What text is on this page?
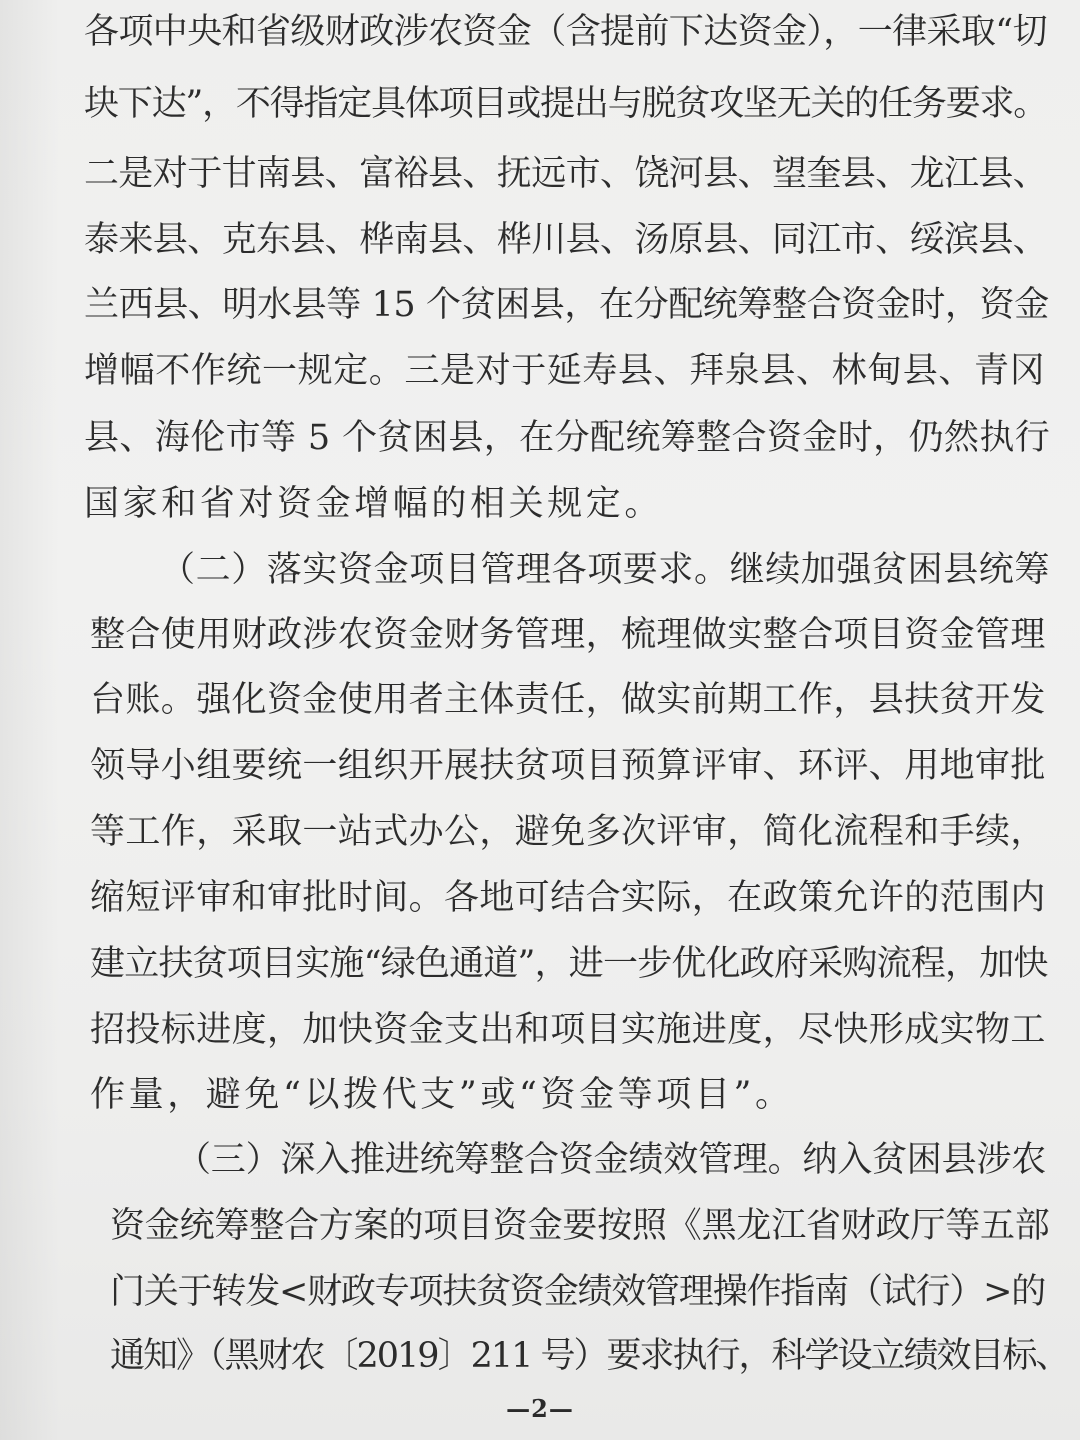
各项中央和省级财政涉农资金（含提前下达资金），一律采取“切
块下达”，不得指定具体项目或提出与脱贫攻坚无关的任务要求。
二是对于甘南县、富裕县、抚远市、饶河县、望奎县、龙江县、
泰来县、克东县、桦南县、桦川县、汤原县、同江市、绥滨县、
兰西县、明水县等 15 个贫困县，在分配统筹整合资金时，资金
增幅不作统一规定。三是对于延寿县、拜泉县、林甸县、青冈
县、海伦市等 5 个贫困县，在分配统筹整合资金时，仍然执行
国家和省对资金增幅的相关规定。
（二）落实资金项目管理各项要求。继续加强贫困县统筹
整合使用财政涉农资金财务管理，梳理做实整合项目资金管理
台账。强化资金使用者主体责任，做实前期工作，县扶贫开发
领导小组要统一组织开展扶贫项目预算评审、环评、用地审批
等工作，采取一站式办公，避免多次评审，简化流程和手续，
缩短评审和审批时间。各地可结合实际，在政策允许的范围内
建立扶贫项目实施“绿色通道”，进一步优化政府采购流程，加快
招投标进度，加快资金支出和项目实施进度，尽快形成实物工
作量，避免“以拨代支”或“资金等项目”。
（三）深入推进统筹整合资金绩效管理。纳入贫困县涉农
资金统筹整合方案的项目资金要按照《黑龙江省财政厅等五部
门关于转发<财政专项扶贫资金绩效管理操作指南（试行）>的
通知》（黑财农〔2019〕211 号）要求执行，科学设立绩效目标、
—2—
